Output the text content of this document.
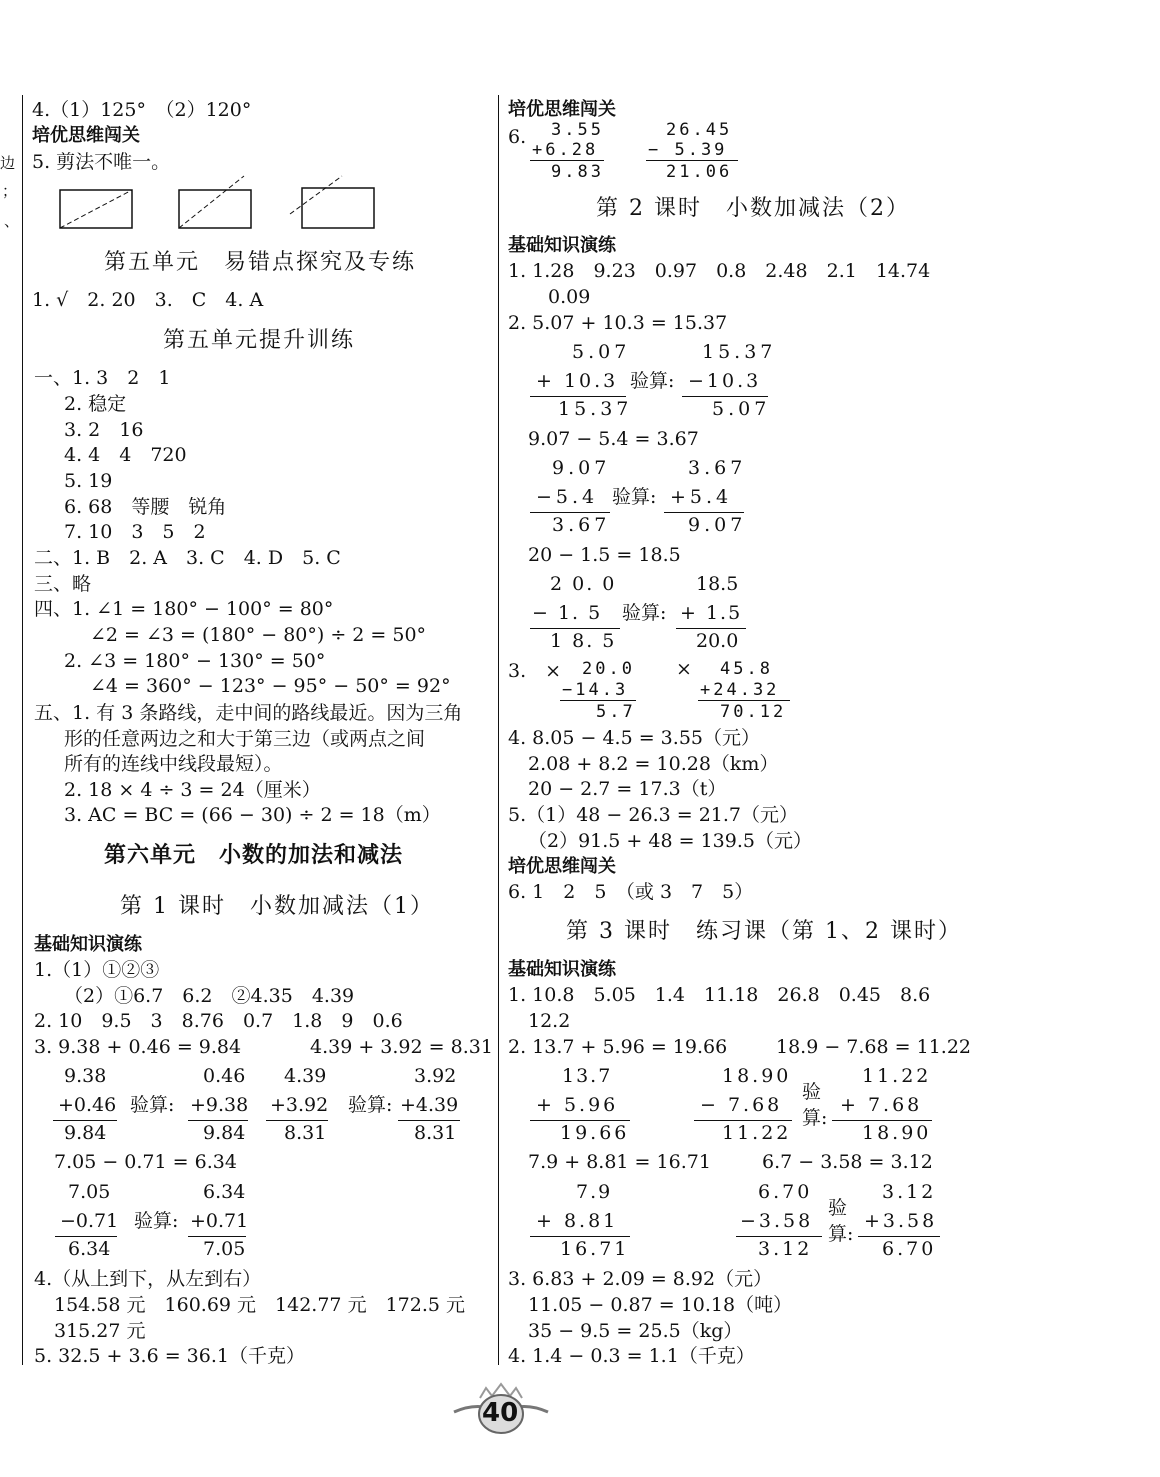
边
；
、
4.（1）125°　（2）120°
培优思维闯关
5. 剪法不唯一。
第五单元　易错点探究及专练
1. √　2. 20　3.　C　4. A
第五单元提升训练
一、1. 3　2　1
2. 稳定
3. 2　16
4. 4　4　720
5. 19
6. 68　等腰　锐角
7. 10　3　5　2
二、1. B　2. A　3. C　4. D　5. C
三、略
四、1. ∠1 = 180° − 100° = 80°
∠2 = ∠3 = (180° − 80°) ÷ 2 = 50°
2. ∠3 = 180° − 130° = 50°
∠4 = 360° − 123° − 95° − 50° = 92°
五、1. 有 3 条路线，走中间的路线最近。因为三角
形的任意两边之和大于第三边（或两点之间
所有的连线中线段最短）。
2. 18 × 4 ÷ 3 = 24（厘米）
3. AC = BC = (66 − 30) ÷ 2 = 18（m）
第六单元　小数的加法和减法
第 1 课时　小数加减法（1）
基础知识演练
1.（1）①②③
（2）①6.7　6.2　②4.35　4.39
2. 10　9.5　3　8.76　0.7　1.8　9　0.6
3. 9.38 + 0.46 = 9.84	4.39 + 3.92 = 8.31
9.38
+0.46
9.84
验算:
0.46
+9.38
9.84
4.39
+3.92
8.31
验算:
3.92
+4.39
8.31
7.05 − 0.71 = 6.34
7.05
−0.71
6.34
验算:
6.34
+0.71
7.05
4.（从上到下，从左到右）
154.58 元　160.69 元　142.77 元　172.5 元
315.27 元
5. 32.5 + 3.6 = 36.1（千克）
培优思维闯关
6. 3.55
+6.28
9.83
26.45
− 5.39
21.06
第 2 课时　小数加减法（2）
基础知识演练
1. 1.28　9.23　0.97　0.8　2.48　2.1　14.74
0.09
2. 5.07 + 10.3 = 15.37
5.07
+ 10.3
15.37
验算:
15.37
−10.3
5.07
9.07 − 5.4 = 3.67
9.07
−5.4
3.67
验算:
3.67
+5.4
9.07
20 − 1.5 = 18.5
2 0. 0
− 1. 5
1 8. 5
验算:
18.5
+ 1.5
20.0
3.　× 20.0
−14.3
5.7
× 45.8
+24.32
70.12
4. 8.05 − 4.5 = 3.55（元）
2.08 + 8.2 = 10.28（km）
20 − 2.7 = 17.3（t）
5.（1）48 − 26.3 = 21.7（元）
（2）91.5 + 48 = 139.5（元）
培优思维闯关
6. 1　2　5　（或 3　7　5）
第 3 课时　练习课（第 1、2 课时）
基础知识演练
1. 10.8　5.05　1.4　11.18　26.8　0.45　8.6
12.2
2. 13.7 + 5.96 = 19.66	18.9 − 7.68 = 11.22
13.7
+ 5.96
19.66
18.90
− 7.68
11.22
验
算:
11.22
+ 7.68
18.90
7.9 + 8.81 = 16.71	6.7 − 3.58 = 3.12
7.9
+ 8.81
16.71
6.70
−3.58
3.12
验
算:
3.12
+3.58
6.70
3. 6.83 + 2.09 = 8.92（元）
11.05 − 0.87 = 10.18（吨）
35 − 9.5 = 25.5（kg）
4. 1.4 − 0.3 = 1.1（千克）
40
